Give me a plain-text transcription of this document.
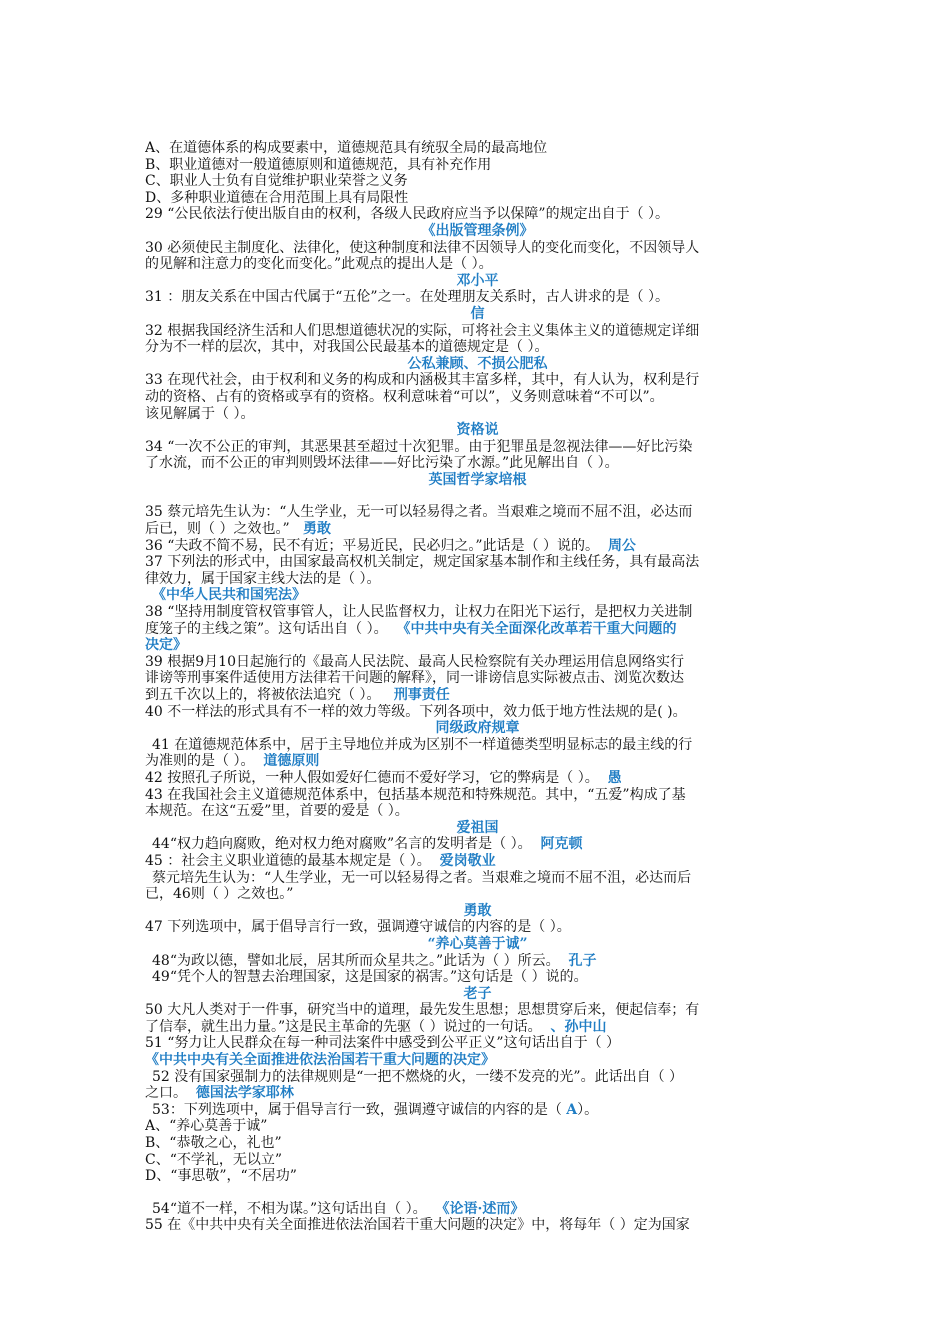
A、在道德体系的构成要素中，道德规范具有统驭全局的最高地位
B、职业道德对一般道德原则和道德规范，具有补充作用
C、职业人士负有自觉维护职业荣誉之义务
D、多种职业道德在合用范围上具有局限性
29 “公民依法行使出版自由的权利，各级人民政府应当予以保障”的规定出自于（ ）。
《出版管理条例》
30 必须使民主制度化、法律化，使这种制度和法律不因领导人的变化而变化，不因领导人
的见解和注意力的变化而变化。”此观点的提出人是（ ）。
邓小平
31 ：朋友关系在中国古代属于“五伦”之一。在处理朋友关系时，古人讲求的是（ ）。
信
32 根据我国经济生活和人们思想道德状况的实际，可将社会主义集体主义的道德规定详细
分为不一样的层次，其中，对我国公民最基本的道德规定是（ ）。
公私兼顾、不损公肥私
33 在现代社会，由于权利和义务的构成和内涵极其丰富多样，其中，有人认为，权利是行
动的资格、占有的资格或享有的资格。权利意味着“可以”，义务则意味着“不可以”。
该见解属于（ ）。
资格说
34 “一次不公正的审判，其恶果甚至超过十次犯罪。由于犯罪虽是忽视法律——好比污染
了水流，而不公正的审判则毁坏法律——好比污染了水源。”此见解出自（ ）。
英国哲学家培根
35 蔡元培先生认为：“人生学业，无一可以轻易得之者。当艰难之境而不屈不沮，必达而
后已，则（ ）之效也。” 勇敢
36 “夫政不简不易，民不有近；平易近民，民必归之。”此话是（ ）说的。 周公
37 下列法的形式中，由国家最高权机关制定，规定国家基本制作和主线任务，具有最高法
律效力，属于国家主线大法的是（ ）。
《中华人民共和国宪法》
38 “坚持用制度管权管事管人，让人民监督权力，让权力在阳光下运行，是把权力关进制
度笼子的主线之策”。这句话出自（ ）。 《中共中央有关全面深化改革若干重大问题的
决定》
39 根据9月10日起施行的《最高人民法院、最高人民检察院有关办理运用信息网络实行
诽谤等刑事案件适使用方法律若干问题的解释》，同一诽谤信息实际被点击、浏览次数达
到五千次以上的，将被依法追究（ ）。 刑事责任
40 不一样法的形式具有不一样的效力等级。下列各项中，效力低于地方性法规的是( )。
同级政府规章
41 在道德规范体系中，居于主导地位并成为区别不一样道德类型明显标志的最主线的行
为准则的是（ ）。 道德原则
42 按照孔子所说，一种人假如爱好仁德而不爱好学习，它的弊病是（ ）。 愚
43 在我国社会主义道德规范体系中，包括基本规范和特殊规范。其中，“五爱”构成了基
本规范。在这“五爱”里，首要的爱是（ ）。
爱祖国
44“权力趋向腐败，绝对权力绝对腐败”名言的发明者是（ ）。 阿克顿
45 ：社会主义职业道德的最基本规定是（ ）。 爱岗敬业
蔡元培先生认为：“人生学业，无一可以轻易得之者。当艰难之境而不屈不沮，必达而后
已，46则（ ）之效也。”
勇敢
47 下列选项中，属于倡导言行一致，强调遵守诚信的内容的是（ ）。
“养心莫善于诚”
48“为政以德，譬如北辰，居其所而众星共之。”此话为（ ）所云。 孔子
49“凭个人的智慧去治理国家，这是国家的祸害。”这句话是（ ）说的。
老子
50 大凡人类对于一件事，研究当中的道理，最先发生思想；思想贯穿后来，便起信奉；有
了信奉，就生出力量。”这是民主革命的先驱（ ）说过的一句话。 、孙中山
51 “努力让人民群众在每一种司法案件中感受到公平正义”这句话出自于（ ）
《中共中央有关全面推进依法治国若干重大问题的决定》
52 没有国家强制力的法律规则是“一把不燃烧的火，一缕不发亮的光”。此话出自（ ）
之口。 德国法学家耶林
53：下列选项中，属于倡导言行一致，强调遵守诚信的内容的是（ A）。
A、“养心莫善于诚”
B、“恭敬之心，礼也”
C、“不学礼，无以立”
D、“事思敬”，“不居功”
54“道不一样，不相为谋。”这句话出自（ ）。 《论语·述而》
55 在《中共中央有关全面推进依法治国若干重大问题的决定》中，将每年（ ）定为国家
